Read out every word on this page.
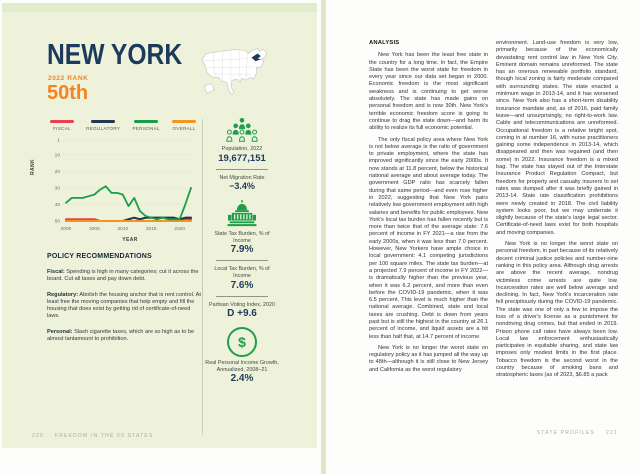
NEW YORK
2022 RANK
50th
FISCAL	REGULATORY	PERSONAL	OVERALL
1
10
20
30
40
50
2000	2005	2010	2015	2020
RANK
YEAR
POLICY RECOMMENDATIONS

Fiscal: Spending is high in many categories; cut it across the board. Cut all taxes and pay down debt.

Regulatory: Abolish the housing anchor that is rent control. At least free the moving companies that help empty and fill the housing that does exist by getting rid of certificate-of-need laws.

Personal: Slash cigarette taxes, which are so high as to be almost tantamount to prohibition.

Population, 2022
19,677,151
Net Migration Rate
−3.4%
State Tax Burden, % of Income
7.9%
Local Tax Burden, % of Income
7.6%
Partisan Voting Index, 2020
D +9.6
$
Real Personal Income Growth, Annualized, 2008–21
2.4%
220 FREEDOM IN THE 50 STATES
ANALYSIS

New York has been the least free state in the country for a long time. In fact, the Empire State has been the worst state for freedom in every year since our data set began in 2000. Economic freedom is the most significant weakness and is continuing to get worse absolutely. The state has made gains on personal freedom and is now 30th. New York's terrible economic freedom score is going to continue to drag the state down—and harm its ability to realize its full economic potential.

The only fiscal policy area where New York is not below average is the ratio of government to private employment, where the state has improved significantly since the early 2000s. It now stands at 11.8 percent, below the historical national average and about average today. The government GDP ratio has scarcely fallen during that same period—and even rose higher in 2022, suggesting that New York pairs relatively low government employment with high salaries and benefits for public employees. New York's local tax burden has fallen recently but is more than twice that of the average state: 7.6 percent of income in FY 2021—a rise from the early 2000s, when it was less than 7.0 percent. However, New Yorkers have ample choice in local government: 4.1 competing jurisdictions per 100 square miles. The state tax burden—at a projected 7.9 percent of income in FY 2022—is dramatically higher than the previous year, when it was 6.2 percent, and more than even before the COVID-19 pandemic, when it was 6.5 percent. This level is much higher than the national average. Combined, state and local taxes are crushing. Debt is down from years past but is still the highest in the country at 26.1 percent of income, and liquid assets are a bit less than half that, at 14.7 percent of income.

New York is no longer the worst state on regulatory policy as it has jumped all the way up to 48th—although it is still close to New Jersey and California as the worst regulatory

environment. Land-use freedom is very low, primarily because of the economically devastating rent control law in New York City. Eminent domain remains unreformed. The state has an onerous renewable portfolio standard, though local zoning is fairly moderate compared with surrounding states. The state enacted a minimum wage in 2013-14, and it has worsened since. New York also has a short-term disability insurance mandate and, as of 2016, paid family leave—and unsurprisingly, no right-to-work law. Cable and telecommunications are unreformed. Occupational freedom is a relative bright spot, coming in at number 16, with nurse practitioners gaining some independence in 2013-14, which disappeared and then was regained (and then some) in 2022. Insurance freedom is a mixed bag. The state has stayed out of the Interstate Insurance Product Regulation Compact, but freedom for property and casualty insurers to set rates was dumped after it was briefly gained in 2013-14. State rate classification prohibitions were newly created in 2018. The civil liability system looks poor, but we may underrate it slightly because of the state's large legal sector. Certificate-of-need laws exist for both hospitals and moving companies.

New York is no longer the worst state on personal freedom, in part because of its relatively decent criminal justice policies and number-nine ranking in this policy area. Although drug arrests are above the recent average, nondrug victimless crime arrests are quite low. Incarceration rates are well below average and declining. In fact, New York's incarceration rate fell precipitously during the COVID-19 pandemic. The state was one of only a few to impose the loss of a driver's license as a punishment for nondriving drug crimes, but that ended in 2019. Prison phone call rates have always been low. Local law enforcement enthusiastically participates in equitable sharing, and state law imposes only modest limits in the first place. Tobacco freedom is the second worst in the country because of smoking bans and stratospheric taxes (as of 2023, $6.85 a pack

STATE PROFILES 221
